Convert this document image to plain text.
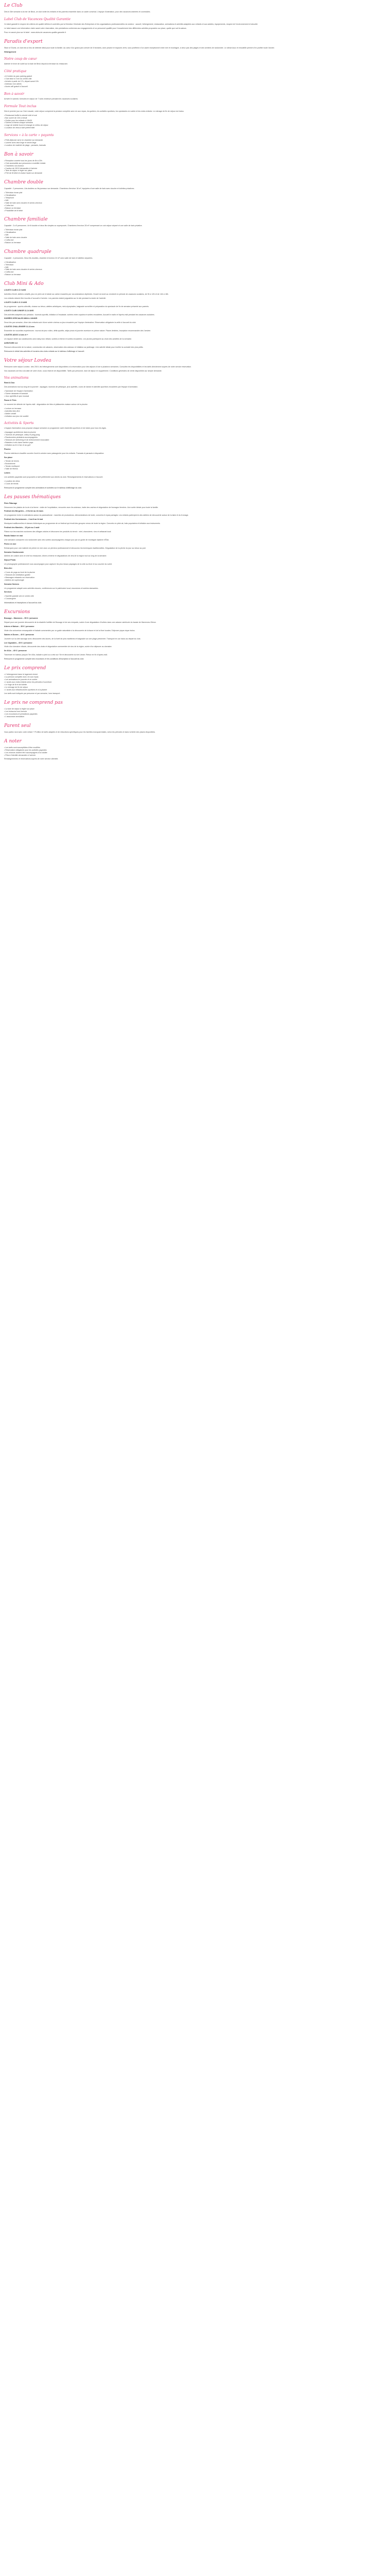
Le Club

Dès le 26è semaine à la mer de Brick, ce club invite les enfants et les parents ensemble dans un cadre convivial. L'équipe d'animation, pour des vacances animées et conviviales.

Label Club de Vacances Qualité Garantie

Ce label garantit le respect de critères de qualité définis et contrôlés par la Direction Générale des Entreprises et les organisations professionnelles du secteur : accueil, hébergement, restauration, animations et activités adaptées aux enfants et aux adultes, équipements, respect de l'environnement et sécurité.

Le label assure une information claire avant votre réservation, des prestations conformes aux engagements et un personnel qualifié pour l'encadrement des différentes activités proposées sur place, quelle que soit la saison.

Pour en savoir plus sur le label : www.clubs-de-vacances-qualite-garantie.fr

Paradis d'export

Situé à l'Ouest, ce club est un lieu de détente idéal pour toute la famille. Au cœur d'un grand parc arboré de 8 hectares, avec piscine et espaces verts, vous profiterez d'un cadre exceptionnel entre mer et montagne, à deux pas des plages et des sentiers de randonnée. Le climat doux et ensoleillé permet d'en profiter toute l'année.

Hébergement

Notre coup de cœur

Admirer le lever de soleil sur la baie de Brick depuis la terrasse du restaurant.

Côté pratique
• A l'entrée du parc parking gratuit
• Club situé à 3 km du centre-ville
• Arrivée à partir de 17h, départ avant 10h
• Animaux non admis
• Accès wifi gratuit à l'accueil
Bon à savoir

Arrivée le samedi, formules en séjour de 7 nuits minimum pendant les vacances scolaires.

Formule Tout inclus

Dès le premier jour au Club Lescale, votre séjour comprend la pension complète avec vin aux repas, les goûters, les activités sportives, les spectacles en soirée et les clubs enfants. Le ménage de fin de séjour est inclus.

• Restaurant buffet à volonté midi et soir
• Bar ouvert de 10h à minuit
• Goûter pour les enfants à 16h30
• Soirées à thème chaque semaine
• Linge de toilette fourni et changé en milieu de séjour
• Location de vélos à tarif préférentiel
Services « à la carte » payants
• Petit-déjeuner servi en chambre sur demande
• Laverie avec lave-linge et sèche-linge
• Location de matériel de plage : parasols, transats
Bon à savoir
• Réception ouverte tous les jours de 8h à 20h
• Club accessible aux personnes à mobilité réduite
• Chambres non-fumeur
• Caution de 150 € demandée à l'arrivée
• Taxe de séjour à régler sur place
• Prêt de lit bébé et chaise haute sur demande
Chambre double

Capacité : 2 personnes. Lits doubles ou lits jumeaux sur demande. Chambres d'environ 18 m², équipées d'une salle de bain avec douche et toilettes privatives.

• Télévision écran plat
• Climatisation
• Téléphone
• Wifi
• Salle de bain avec douche et sèche-cheveux
• Coffre-fort
• Balcon ou terrasse
• Possibilité de lit bébé
Chambre familiale

Capacité : 3 à 5 personnes. Un lit double et deux lits simples ou superposés. Chambres d'environ 28 m² comprenant un coin séjour séparé et une salle de bain privative.

• Télévision écran plat
• Climatisation
• Wifi
• Salle de bain avec douche
• Coffre-fort
• Balcon ou terrasse
Chambre quadruple

Capacité : 4 personnes. Deux lits doubles, chambre d'environ 24 m² avec salle de bain et toilettes séparées.

• Climatisation
• Télévision
• Wifi
• Salle de bain avec douche et sèche-cheveux
• Coffre-fort
• Balcon ou terrasse
Club Mini & Ado

LOUSTI CLUB 3 À 5 ANS

Activités d'éveil, ateliers créatifs, jeux en plein air et sieste au calme encadrés par nos animateurs diplômés. Ouvert du lundi au vendredi en période de vacances scolaires, de 9h à 12h et de 14h à 18h.

Les enfants doivent être inscrits à l'accueil à l'arrivée. Les parents restent joignables sur le site pendant la durée de l'activité.

LOUSTI CLUB 6 À 10 ANS

Au programme : sports collectifs, chasse au trésor, ateliers artistiques, mini-olympiades, baignade surveillée et préparation du spectacle de fin de semaine présenté aux parents.

LOUSTI CLUB JUNIOR 11-14 ANS

Des activités adaptées aux préados : tournois sportifs, initiation à l'escalade, soirées entre copains et sorties encadrées. Accueil le matin et l'après-midi pendant les vacances scolaires.

SOIRÉES SPECIALES MINI & JUNIOR

Deux fois par semaine, dîner des enfants suivi d'une soirée cinéma ou jeux encadrée par l'équipe d'animation. Réservation obligatoire la veille à l'accueil du club.

LOUSTIS CHALLENGER 11-14 ans

Ensemble de nouvelles expériences : tournoi de jeux vidéo, défis sportifs, rallye photo et journée aventure en pleine nature. Places limitées, inscription recommandée dès l'arrivée.

LOUSTIS ADOS 14 ans et +

Un espace dédié aux adolescents avec baby-foot, billard, soirées à thème et sorties encadrées. Les jeunes participent au choix des activités de la semaine.

AVENTURE 3-8

Parcours découverte de la nature, construction de cabanes, observation des animaux et initiation au jardinage. Une activité idéale pour éveiller la curiosité des plus petits.

Retrouvez le détail des activités et horaires des clubs enfants sur le tableau d'affichage à l'accueil.

Votre séjour Lovdea

Retrouvez votre séjour Lovdea : dès 2019, les hébergements sont disponibles à la réservation pour des séjours d'une à plusieurs semaines. Consultez les disponibilités et les tarifs directement auprès de notre service réservation.

Vos vacances ont lieu à la date de votre choix, sous réserve de disponibilité. Tarifs par personne, taxe de séjour en supplément. Conditions générales de vente disponibles sur simple demande.

Vos animations

Rami & Duo

Des animations tout au long de la journée : aquagym, tournois de pétanque, jeux apéritifs, cours de danse et activités sportives encadrées par l'équipe d'animation.

• Spectacle de l'équipe d'animation
• Soirée dansante et karaoké
• Jeux apéritifs et quiz musical

Pause & Thés

Le moment de détente de l'après-midi : dégustation de thés et pâtisseries maison autour de la piscine.

• Lecture en terrasse
• Activités bien-être
• Atelier créatif
• Initiation aux jeux de société
Activités & Sports

L'équipe d'animation vous propose chaque semaine un programme varié d'activités sportives et de loisirs pour tous les âges.

• Aquagym quotidienne dans la piscine
• Tournois de pétanque, volley et ping-pong
• Randonnées pédestres accompagnées
• Séances de stretching et de renforcement musculaire
• Balades à vélo dans l'arrière-pays
• Initiation au tir à l'arc et au golf

Piscine

Piscine extérieure chauffée ouverte d'avril à octobre avec pataugeoire pour les enfants. Transats et parasols à disposition.

Sur place

• Terrain de tennis
• Boulodrome
• Terrain multisport
• Salle de fitness

Loisirs

Les activités payantes sont proposées à tarif préférentiel aux clients du club. Renseignements et réservations à l'accueil.

• Location de vélos
• Cours de tennis

Retrouvez le programme complet des animations et activités sur le tableau d'affichage du club.

Les pauses thématiques

Plein Pâturage

Découvrez les plaisirs de la vie à la ferme : visite de l'exploitation, rencontre avec les animaux, traite des vaches et dégustation de fromages fermiers. Une sortie idéale pour toute la famille.

Festival des Bergeries – 2 février au 24 mars

Un programme riche en animations autour du pastoralisme : marchés de producteurs, démonstrations de tonte, concerts et repas partagés. Les enfants participent à des ateliers de découverte autour de la laine et du fromage.

Festival des Cornemuses – 2 avril au 14 mai

Musiques traditionnelles et danses folkloriques au programme de ce festival qui réunit des groupes venus de toute la région. Concerts en plein air, bals populaires et initiation aux instruments.

Festival des Marchés – 15 juin au 2 août

Flânez sur les marchés nocturnes des villages voisins et découvrez les produits du terroir : miel, charcuterie, vins et artisanat local.

Rando Nature en mai

Une semaine consacrée à la randonnée avec des sorties accompagnées chaque jour par un guide de montagne diplômé d'État.

Pêche en mer

Embarquez pour une matinée de pêche en mer avec un pêcheur professionnel et découvrez les techniques traditionnelles. Dégustation de la pêche du jour au retour au port.

Semaine Gastronomie

Ateliers de cuisine avec le chef du restaurant, dîners à thème et dégustations de vins de la région tout au long de la semaine.

Séjour Photo

Un photographe professionnel vous accompagne pour capturer les plus beaux paysages de la côte au lever et au coucher du soleil.

Bien-être

• Cours de yoga au bord de la piscine
• Séances de méditation guidée
• Massages relaxants sur réservation
• Ateliers de sophrologie

Semaine Seniors

Un programme adapté avec activités douces, conférences sur le patrimoine local, excursions et soirées dansantes.

Services

• Navette gratuite vers le centre-ville
• Conciergerie

Informations et inscriptions à l'accueil du club.

Excursions

Brouage – Marennes – 55 € / personne

Départ pour une journée découverte de la citadelle fortifiée de Brouage et de ses remparts, suivie d'une dégustation d'huîtres dans une cabane ostréicole du bassin de Marennes-Oléron.

Arbres et Nature – 35 € / personne

Visite d'un arboretum remarquable et balade commentée par un guide naturaliste à la découverte de la faune et de la flore locales. Déjeuner pique-nique inclus.

Sables et Dunes – 40 € / personne

Journée sur la côte sauvage avec découverte des dunes, de la forêt de pins maritimes et baignade sur une plage préservée. Transport en car inclus au départ du club.

Les Vignobles – 65 € / personne

Visite d'un domaine viticole, découverte des chais et dégustation commentée de vins de la région, suivie d'un déjeuner au domaine.

Ile d'Aix – 45 € / personne

Traversée en bateau jusqu'à l'île d'Aix, balade à pied ou à vélo sur l'île et découverte du fort Liédot. Retour en fin d'après-midi.

Retrouvez le programme complet des excursions et les conditions d'inscription à l'accueil du club.

Le prix comprend
• L'hébergement dans le logement choisi
• La pension complète avec vin aux repas
• Les animations en journée et en soirée
• L'accès aux clubs enfants selon les périodes d'ouverture
• Le linge de lit et de toilette
• Le ménage de fin de séjour
• L'accès aux infrastructures sportives et à la piscine

Les tarifs sont indiqués par personne et par semaine, hors transport.

Le prix ne comprend pas
• La taxe de séjour à régler sur place
• Les boissons hors formule
• Les excursions et prestations payantes
• L'assurance annulation
Parent seul

Vous partez seul avec votre enfant ? Profitez de tarifs adaptés et de réductions spécifiques pour les familles monoparentales, selon les périodes et dans la limite des places disponibles.

A noter
• Les tarifs sont susceptibles d'être modifiés
• Réservation obligatoire pour les activités payantes
• Les mineurs doivent être accompagnés d'un adulte
• Pièce d'identité demandée à l'arrivée

Renseignements et réservations auprès de notre service clientèle.
